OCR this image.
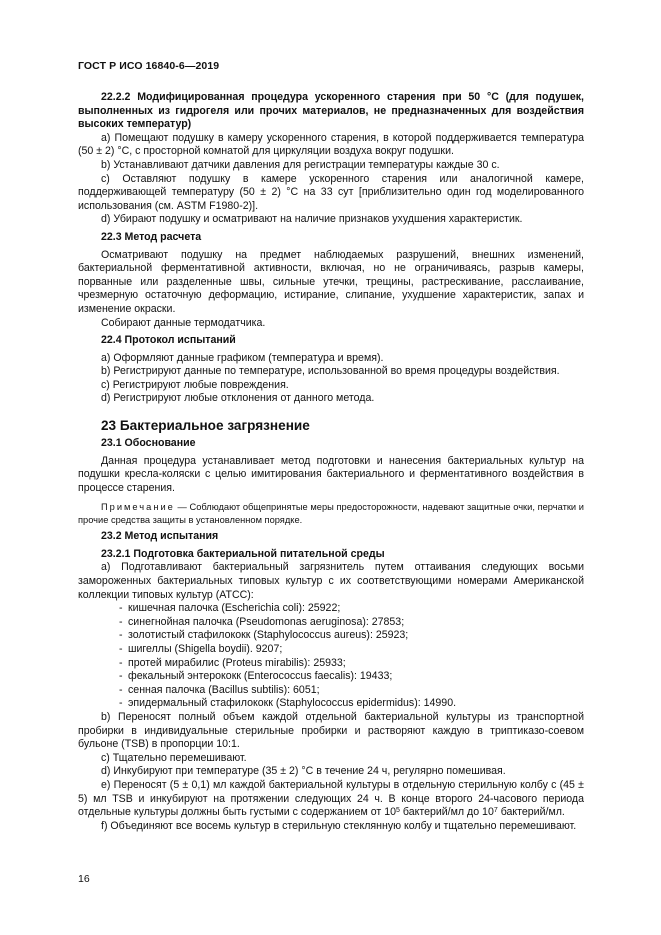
ГОСТ Р ИСО 16840-6—2019

22.2.2 Модифицированная процедура ускоренного старения при 50 °С (для подушек, выполненных из гидрогеля или прочих материалов, не предназначенных для воздействия высоких температур)

а) Помещают подушку в камеру ускоренного старения, в которой поддерживается температура (50 ± 2) °С, с просторной комнатой для циркуляции воздуха вокруг подушки.

b) Устанавливают датчики давления для регистрации температуры каждые 30 с.

с) Оставляют подушку в камере ускоренного старения или аналогичной камере, поддерживающей температуру (50 ± 2) °С на 33 сут [приблизительно один год моделированного использования (см. ASTM F1980-2)].

d) Убирают подушку и осматривают на наличие признаков ухудшения характеристик.

22.3 Метод расчета

Осматривают подушку на предмет наблюдаемых разрушений, внешних изменений, бактериальной ферментативной активности, включая, но не ограничиваясь, разрыв камеры, порванные или разделенные швы, сильные утечки, трещины, растрескивание, расслаивание, чрезмерную остаточную деформацию, истирание, слипание, ухудшение характеристик, запах и изменение окраски.

Собирают данные термодатчика.

22.4 Протокол испытаний

а) Оформляют данные графиком (температура и время).

b) Регистрируют данные по температуре, использованной во время процедуры воздействия.

с) Регистрируют любые повреждения.

d) Регистрируют любые отклонения от данного метода.

23 Бактериальное загрязнение

23.1 Обоснование

Данная процедура устанавливает метод подготовки и нанесения бактериальных культур на подушки кресла-коляски с целью имитирования бактериального и ферментативного воздействия в процессе старения.

Примечание — Соблюдают общепринятые меры предосторожности, надевают защитные очки, перчатки и прочие средства защиты в установленном порядке.

23.2 Метод испытания

23.2.1 Подготовка бактериальной питательной среды

а) Подготавливают бактериальный загрязнитель путем оттаивания следующих восьми замороженных бактериальных типовых культур с их соответствующими номерами Американской коллекции типовых культур (АТСС):

- кишечная палочка (Escherichia coli): 25922;
- синегнойная палочка (Pseudomonas aeruginosa): 27853;
- золотистый стафилококк (Staphylococcus aureus): 25923;
- шигеллы (Shigella boydii). 9207;
- протей мирабилис (Proteus mirabilis): 25933;
- фекальный энтерококк (Enterococcus faecalis): 19433;
- сенная палочка (Bacillus subtilis): 6051;
- эпидермальный стафилококк (Staphylococcus epidermidus): 14990.

b) Переносят полный объем каждой отдельной бактериальной культуры из транспортной пробирки в индивидуальные стерильные пробирки и растворяют каждую в триптиказо-соевом бульоне (TSB) в пропорции 10:1.

с) Тщательно перемешивают.

d) Инкубируют при температуре (35 ± 2) °С в течение 24 ч, регулярно помешивая.

е) Переносят (5 ± 0,1) мл каждой бактериальной культуры в отдельную стерильную колбу с (45 ± 5) мл TSB и инкубируют на протяжении следующих 24 ч. В конце второго 24-часового периода отдельные культуры должны быть густыми с содержанием от $10^5$ бактерий/мл до $10^7$ бактерий/мл.

f) Объединяют все восемь культур в стерильную стеклянную колбу и тщательно перемешивают.

16
